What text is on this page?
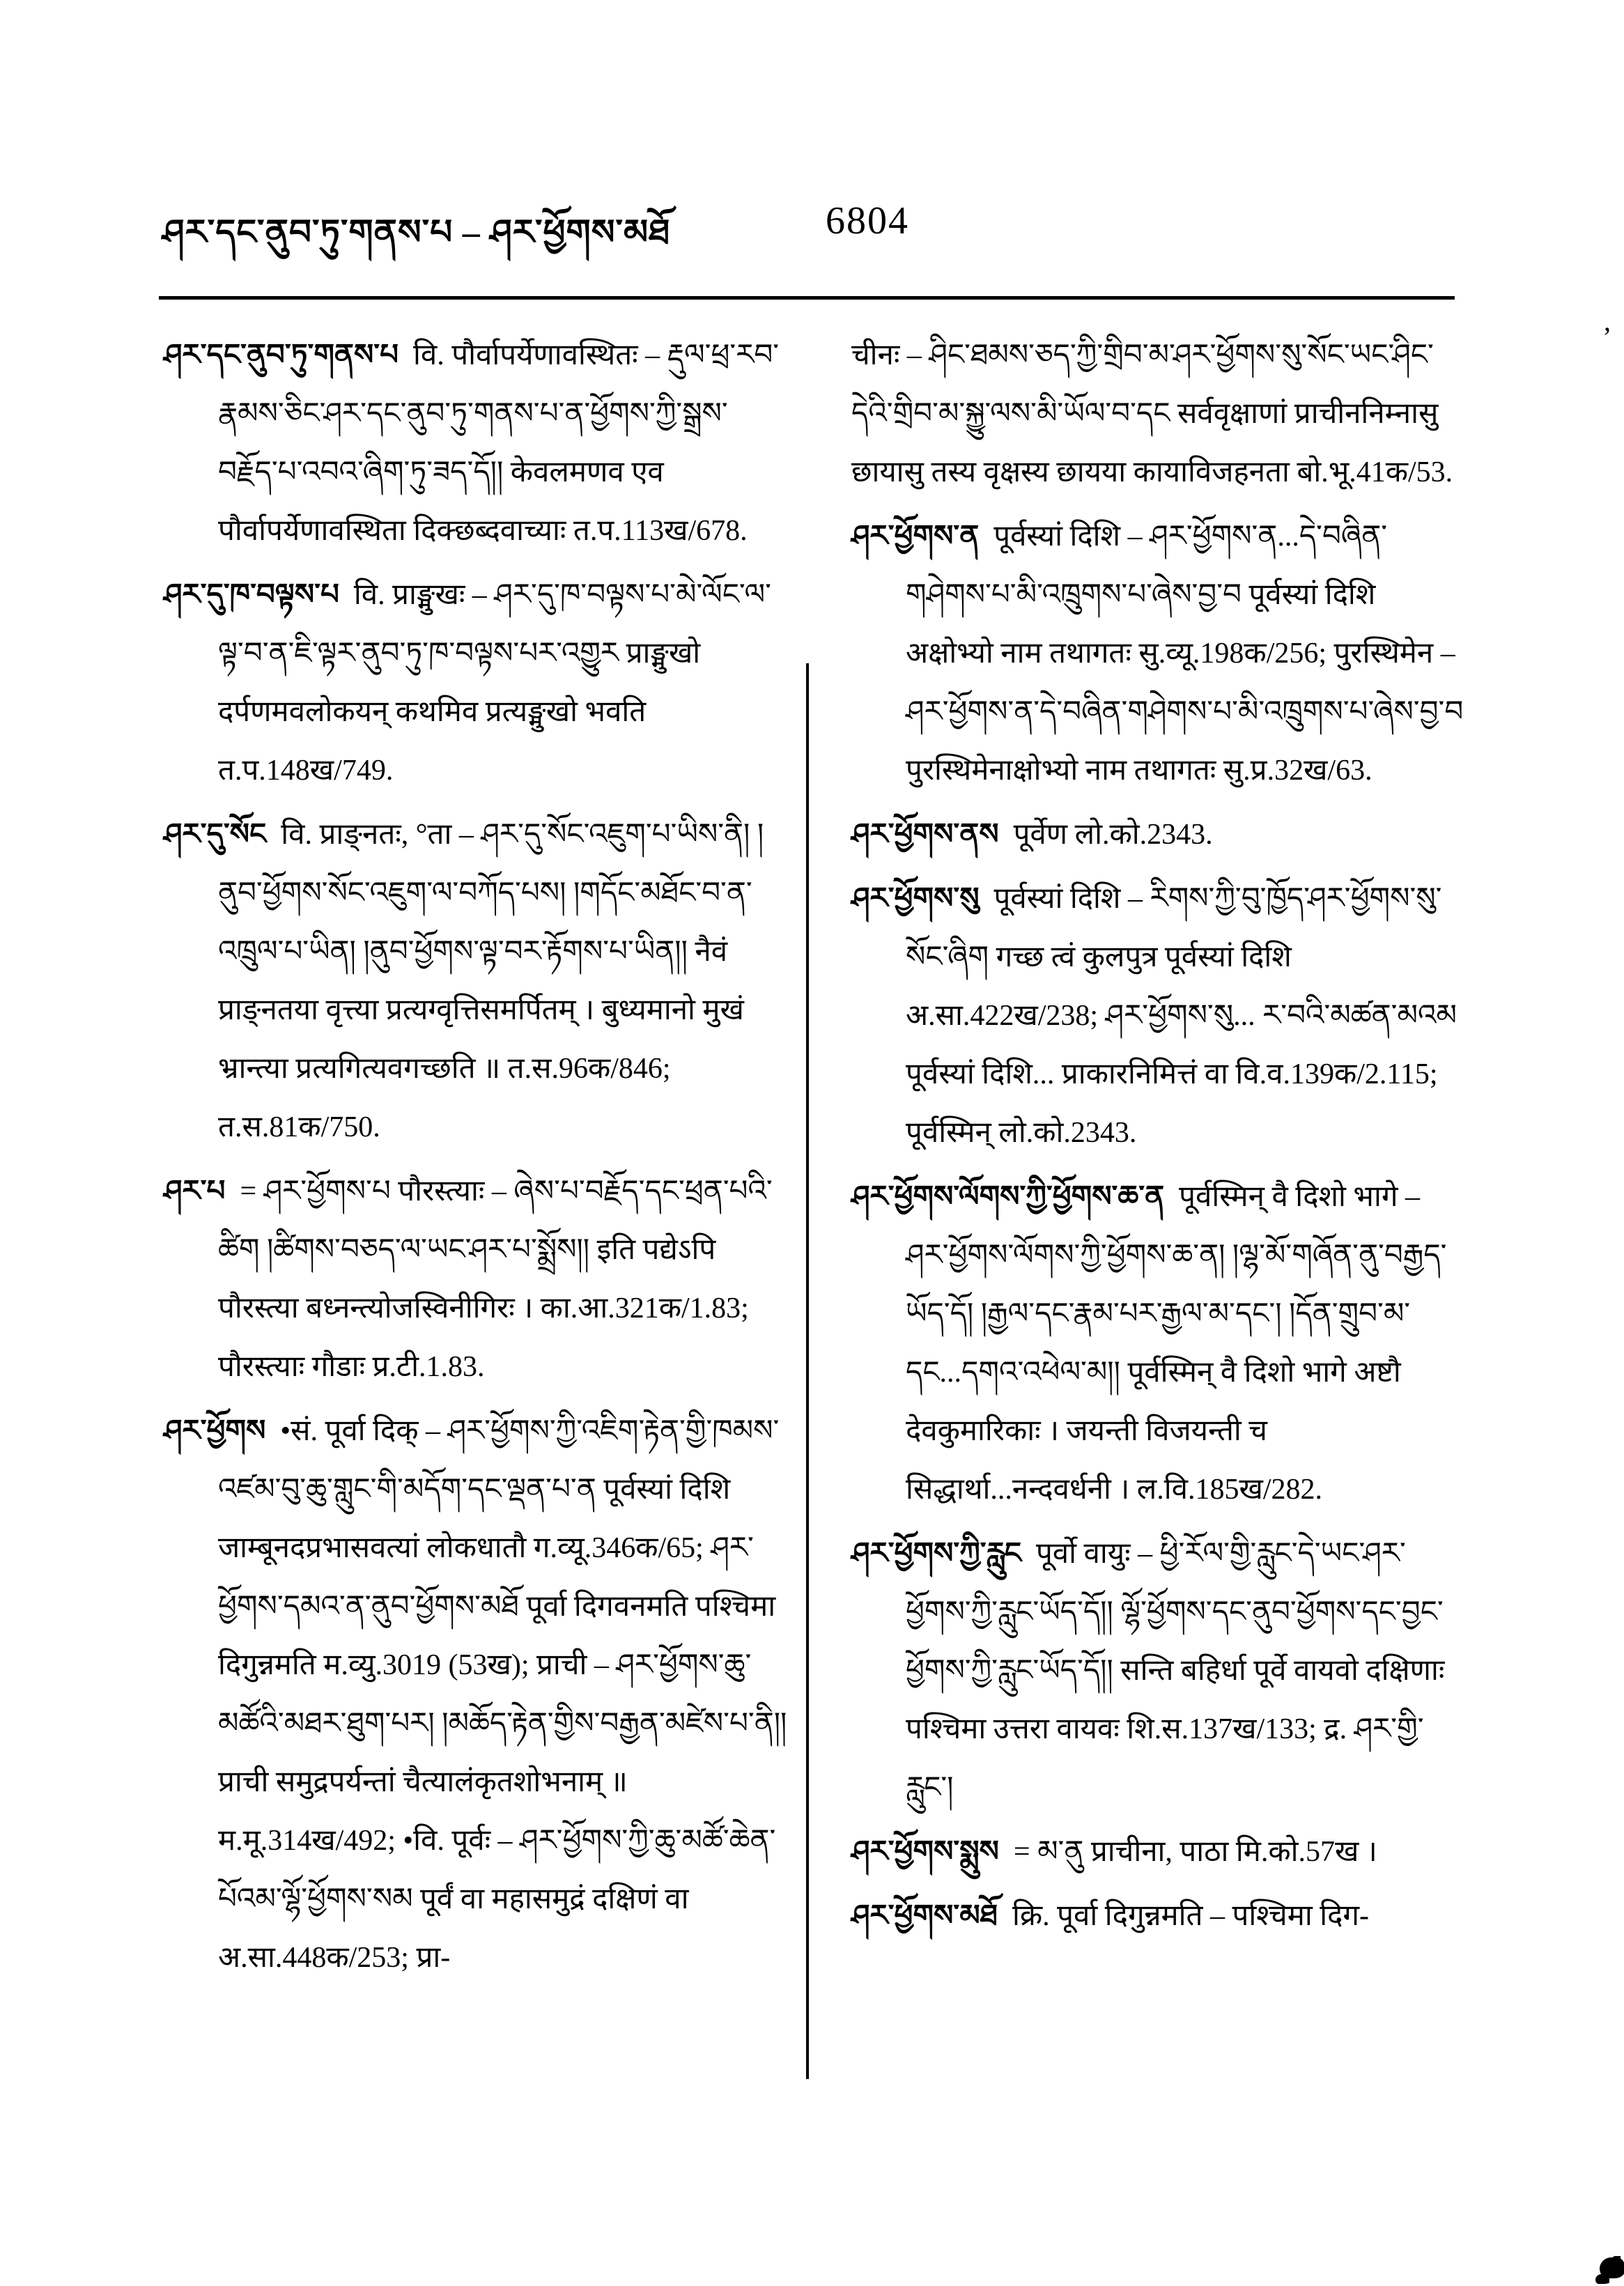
ཤར་དང་ནུབ་ཏུ་གནས་པ – ཤར་ཕྱོགས་མཐོ	6804

ཤར་དང་ནུབ་ཏུ་གནས་པ वि. पौर्वापर्येणावस्थितः – རྡུལ་ཕྲ་རབ་རྣམས་ཅིང་ཤར་དང་ནུབ་ཏུ་གནས་པ་ན་ཕྱོགས་ཀྱི་སྒྲས་བརྗོད་པ་འབའ་ཞིག་ཏུ་ཟད་དོ།། केवलमणव एव पौर्वापर्येणावस्थिता दिक्छब्दवाच्याः त.प.113ख/678.

ཤར་དུ་ཁ་བལྟས་པ वि. प्राङ्मुखः – ཤར་དུ་ཁ་བལྟས་པ་མེ་ལོང་ལ་ལྟ་བ་ན་ཇི་ལྟར་ནུབ་ཏུ་ཁ་བལྟས་པར་འགྱུར प्राङ्मुखो दर्पणमवलोकयन् कथमिव प्रत्यङ्मुखो भवति त.प.148ख/749.

ཤར་དུ་སོང वि. प्राङ्नतः, °ता – ཤར་དུ་སོང་འཇུག་པ་ཡིས་ནི། །ནུབ་ཕྱོགས་སོང་འཇུག་ལ་བཀོད་པས། །གདོང་མཐོང་བ་ན་འཁྲུལ་པ་ཡིན། །ནུབ་ཕྱོགས་ལྟ་བར་རྟོགས་པ་ཡིན།། नैवं प्राङ्नतया वृत्त्या प्रत्यग्वृत्तिसमर्पितम् । बुध्यमानो मुखं भ्रान्त्या प्रत्यगित्यवगच्छति ॥ त.स.96क/846; त.स.81क/750.

ཤར་པ = ཤར་ཕྱོགས་པ पौरस्त्याः – ཞེས་པ་བརྗོད་དང་ཕྲན་པའི་ཚིག །ཚིགས་བཅད་ལ་ཡང་ཤར་པ་སྨྲོས།། इति पद्येऽपि पौरस्त्या बध्नन्त्योजस्विनीगिरः । का.आ.321क/1.83; पौरस्त्याः गौडाः प्र.टी.1.83.

ཤར་ཕྱོགས •सं. पूर्वा दिक् – ཤར་ཕྱོགས་ཀྱི་འཇིག་རྟེན་གྱི་ཁམས་འཛམ་བུ་ཆུ་གླུང་གི་མདོག་དང་ལྡན་པ་ན पूर्वस्यां दिशि जाम्बूनदप्रभासवत्यां लोकधातौ ग.व्यू.346क/65; ཤར་ཕྱོགས་དམའ་ན་ནུབ་ཕྱོགས་མཐོ पूर्वा दिगवनमति पश्चिमा दिगुन्नमति म.व्यु.3019 (53ख); प्राची – ཤར་ཕྱོགས་ཆུ་མཚོའི་མཐར་ཐུག་པར། །མཆོད་རྟེན་གྱིས་བརྒྱན་མཛེས་པ་ནི།། प्राची समुद्रपर्यन्तां चैत्यालंकृतशोभनाम् ॥ म.मू.314ख/492; •वि. पूर्वः – ཤར་ཕྱོགས་ཀྱི་ཆུ་མཚོ་ཆེན་པོའམ་ལྷོ་ཕྱོགས་སམ पूर्वं वा महासमुद्रं दक्षिणं वा अ.सा.448क/253; प्रा-

चीनः – ཤིང་ཐམས་ཅད་ཀྱི་གྲིབ་མ་ཤར་ཕྱོགས་སུ་སོང་ཡང་ཤིང་དེའི་གྲིབ་མ་སྐྱུ་ལས་མི་ཡོལ་བ་དང सर्ववृक्षाणां प्राचीननिम्नासु छायासु तस्य वृक्षस्य छायया कायाविजहनता बो.भू.41क/53.

ཤར་ཕྱོགས་ན पूर्वस्यां दिशि – ཤར་ཕྱོགས་ན...དེ་བཞིན་གཤེགས་པ་མི་འཁྲུགས་པ་ཞེས་བྱ་བ पूर्वस्यां दिशि अक्षोभ्यो नाम तथागतः सु.व्यू.198क/256; पुरस्थिमेन – ཤར་ཕྱོགས་ན་དེ་བཞིན་གཤེགས་པ་མི་འཁྲུགས་པ་ཞེས་བྱ་བ पुरस्थिमेनाक्षोभ्यो नाम तथागतः सु.प्र.32ख/63.

ཤར་ཕྱོགས་ནས पूर्वेण लो.को.2343.

ཤར་ཕྱོགས་སུ पूर्वस्यां दिशि – རིགས་ཀྱི་བུ་ཁྱོད་ཤར་ཕྱོགས་སུ་སོང་ཞིག गच्छ त्वं कुलपुत्र पूर्वस्यां दिशि अ.सा.422ख/238; ཤར་ཕྱོགས་སུ... ར་བའི་མཚན་མའམ पूर्वस्यां दिशि... प्राकारनिमित्तं वा वि.व.139क/2.115; पूर्वस्मिन् लो.को.2343.

ཤར་ཕྱོགས་ལོགས་ཀྱི་ཕྱོགས་ཆ་ན पूर्वस्मिन् वै दिशो भागे – ཤར་ཕྱོགས་ལོགས་ཀྱི་ཕྱོགས་ཆ་ན། །ལྷ་མོ་གཞོན་ནུ་བརྒྱད་ཡོད་དོ། །རྒྱལ་དང་རྣམ་པར་རྒྱལ་མ་དང་། །དོན་གྲུབ་མ་དང...དགའ་འཕེལ་མ།། पूर्वस्मिन् वै दिशो भागे अष्टौ देवकुमारिकाः । जयन्ती विजयन्ती च सिद्धार्था...नन्दवर्धनी । ल.वि.185ख/282.

ཤར་ཕྱོགས་ཀྱི་རླུང पूर्वो वायुः – ཕྱི་རོལ་གྱི་རླུང་དེ་ཡང་ཤར་ཕྱོགས་ཀྱི་རླུང་ཡོད་དོ།། ལྷོ་ཕྱོགས་དང་ནུབ་ཕྱོགས་དང་བྱང་ཕྱོགས་ཀྱི་རླུང་ཡོད་དོ།། सन्ति बहिर्धा पूर्वे वायवो दक्षिणाः पश्चिमा उत्तरा वायवः शि.स.137ख/133; द्र. ཤར་གྱི་རླུང་།

ཤར་ཕྱོགས་སྨུས = མ་ནུ प्राचीना, पाठा मि.को.57ख ।

ཤར་ཕྱོགས་མཐོ क्रि. पूर्वा दिगुन्नमति – पश्चिमा दिग-

’
